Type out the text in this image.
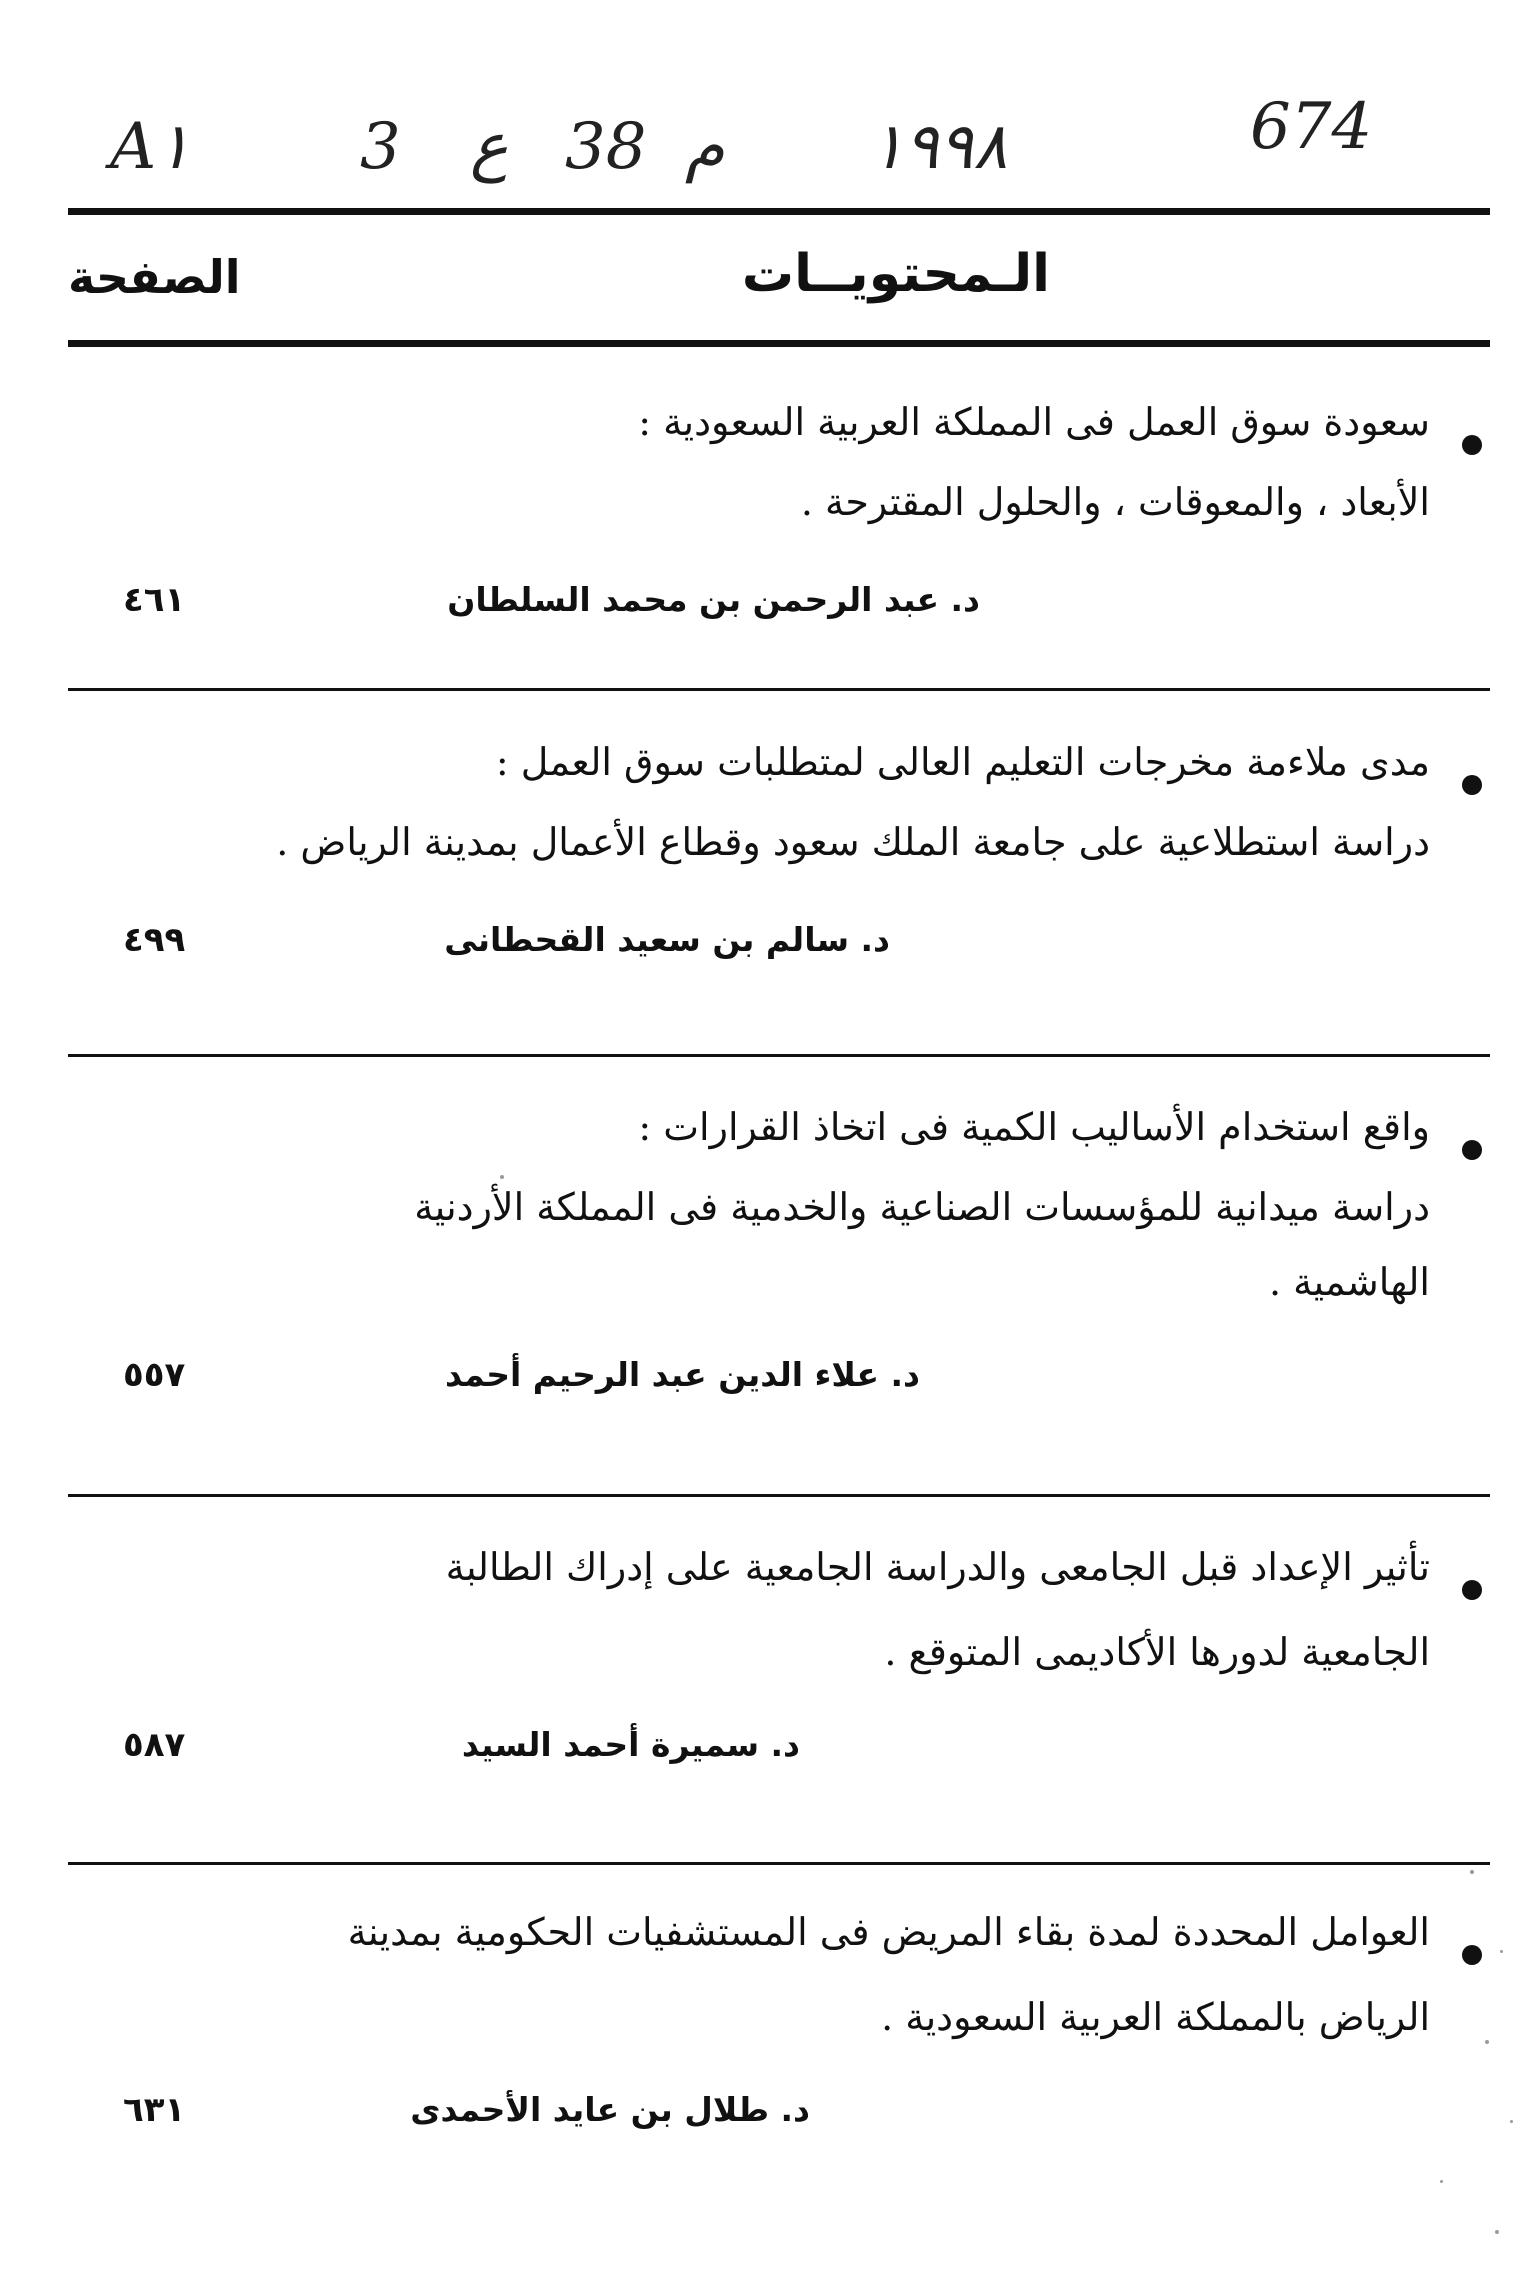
A١	3 ع 38 م ١٩٩٨	674
الـمحتويــات
الصفحة
سعودة سوق العمل فى المملكة العربية السعودية :
الأبعاد ، والمعوقات ، والحلول المقترحة .
د. عبد الرحمن بن محمد السلطان
٤٦١
مدى ملاءمة مخرجات التعليم العالى لمتطلبات سوق العمل :
دراسة استطلاعية على جامعة الملك سعود وقطاع الأعمال بمدينة الرياض .
د. سالم بن سعيد القحطانى
٤٩٩
واقع استخدام الأساليب الكمية فى اتخاذ القرارات :
دراسة ميدانية للمؤسسات الصناعية والخدمية فى المملكة الأردنية
الهاشمية .
د. علاء الدين عبد الرحيم أحمد
٥٥٧
تأثير الإعداد قبل الجامعى والدراسة الجامعية على إدراك الطالبة
الجامعية لدورها الأكاديمى المتوقع .
د. سميرة أحمد السيد
٥٨٧
العوامل المحددة لمدة بقاء المريض فى المستشفيات الحكومية بمدينة
الرياض بالمملكة العربية السعودية .
د. طلال بن عايد الأحمدى
٦٣١
